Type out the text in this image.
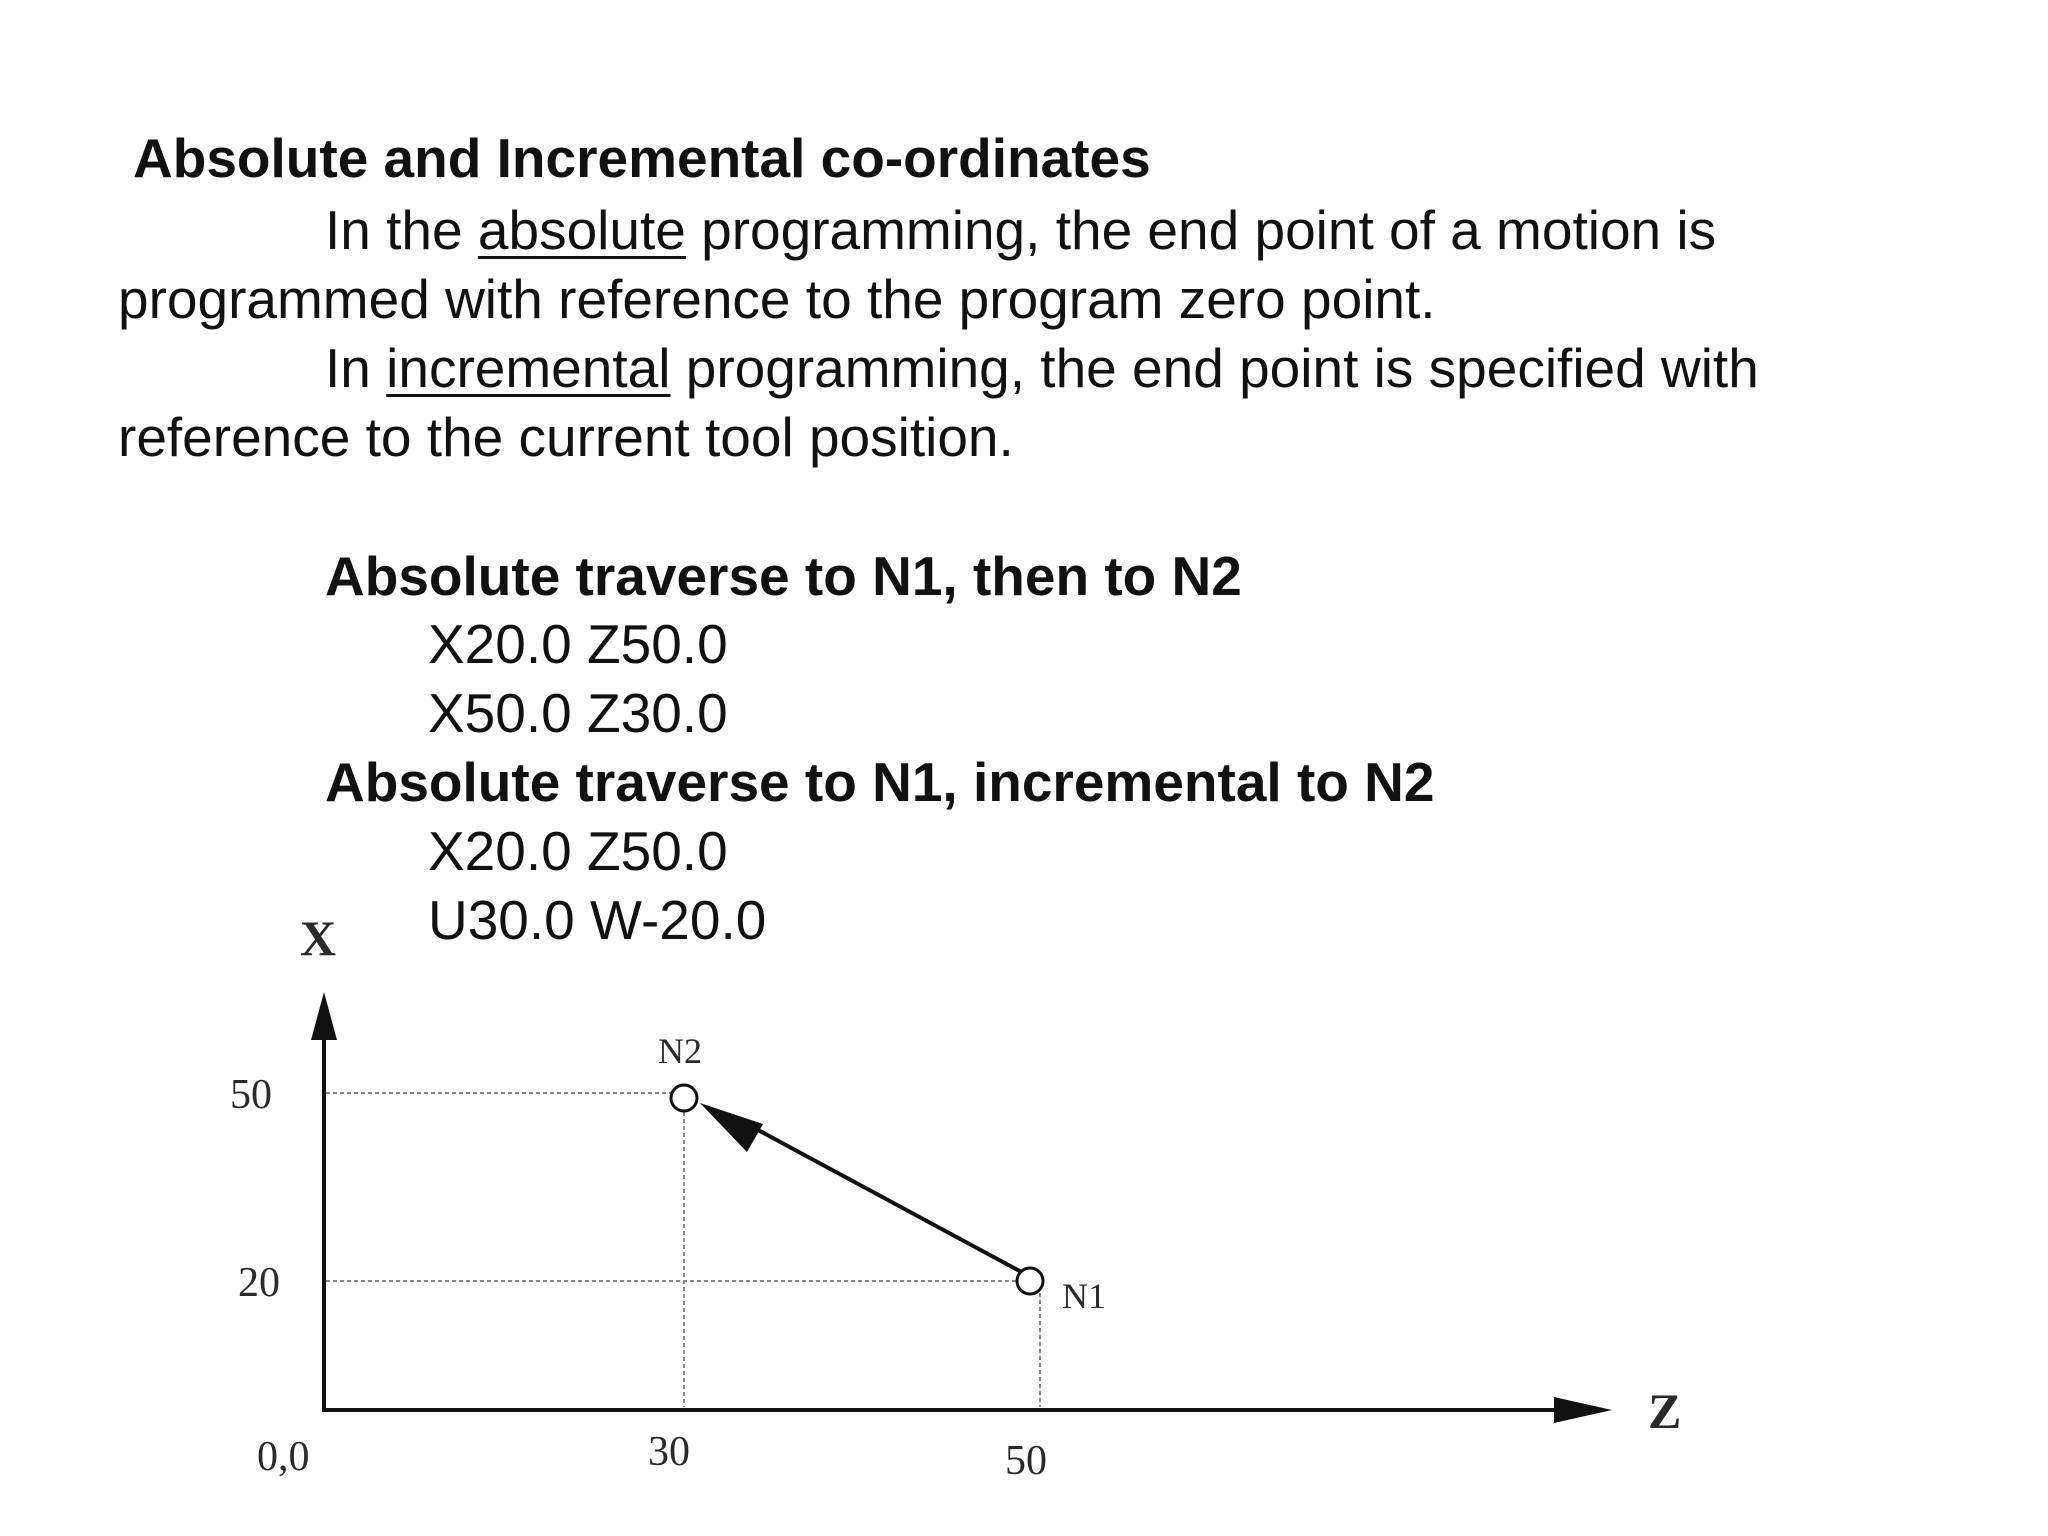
Absolute and Incremental co-ordinates
In the absolute programming, the end point of a motion is
programmed with reference to the program zero point.
In incremental programming, the end point is specified with
reference to the current tool position.
Absolute traverse to N1, then to N2
X20.0 Z50.0
X50.0 Z30.0
Absolute traverse to N1, incremental to N2
X20.0 Z50.0
U30.0 W-20.0
X
Z
0,0
50
20
30	50
N2
N1
